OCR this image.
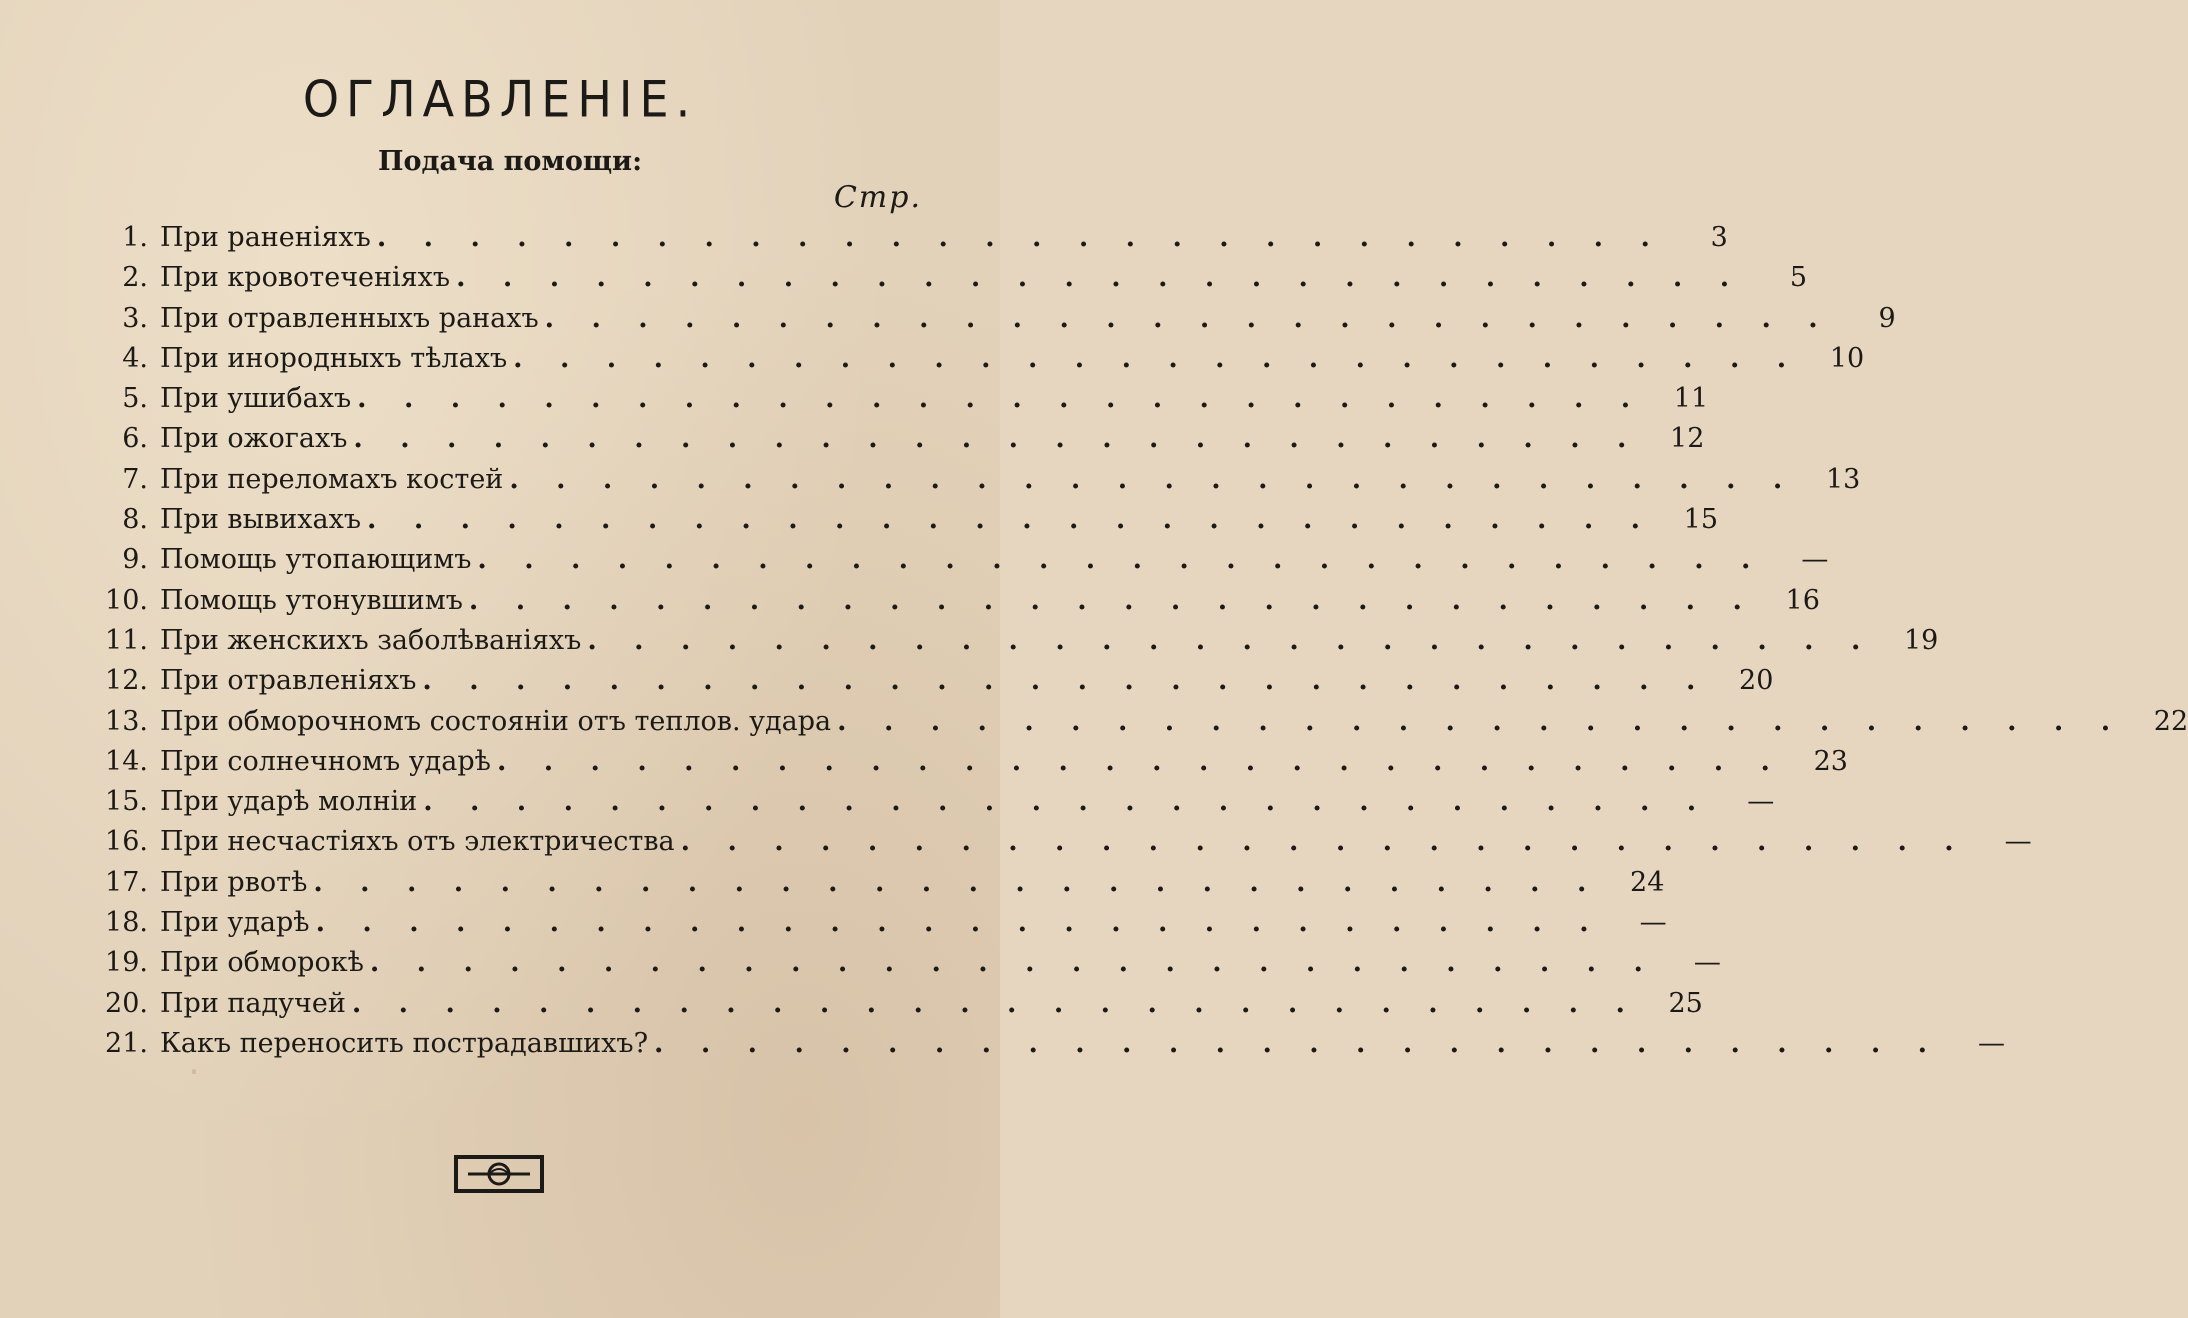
ОГЛАВЛЕНIЕ.
Подача помощи:
Стр.
1. При раненiяхъ . . . . . . . . . . . . . . . . . . . . . . . . . . . .	3
2. При кровотеченiяхъ . . . . . . . . . . . . . . . . . . . . . . . . . . . .	5
3. При отравленныхъ ранахъ . . . . . . . . . . . . . . . . . . . . . . . . . . . .	9
4. При инородныхъ тѣлахъ . . . . . . . . . . . . . . . . . . . . . . . . . . . .	10
5. При ушибахъ . . . . . . . . . . . . . . . . . . . . . . . . . . . .	11
6. При ожогахъ . . . . . . . . . . . . . . . . . . . . . . . . . . . .	12
7. При переломахъ костей . . . . . . . . . . . . . . . . . . . . . . . . . . . .	13
8. При вывихахъ . . . . . . . . . . . . . . . . . . . . . . . . . . . .	15
9. Помощь утопающимъ . . . . . . . . . . . . . . . . . . . . . . . . . . . .	—
10. Помощь утонувшимъ . . . . . . . . . . . . . . . . . . . . . . . . . . . .	16
11. При женскихъ заболѣванiяхъ . . . . . . . . . . . . . . . . . . . . . . . . . . . .	19
12. При отравленiяхъ . . . . . . . . . . . . . . . . . . . . . . . . . . . .	20
13. При обморочномъ состоянiи отъ теплов. удара . . . . . . . . . . . . . . . . . . . . . . . . . . . .	22
14. При солнечномъ ударѣ . . . . . . . . . . . . . . . . . . . . . . . . . . . .	23
15. При ударѣ молнiи . . . . . . . . . . . . . . . . . . . . . . . . . . . .	—
16. При несчастiяхъ отъ электричества . . . . . . . . . . . . . . . . . . . . . . . . . . . .	—
17. При рвотѣ . . . . . . . . . . . . . . . . . . . . . . . . . . . .	24
18. При ударѣ . . . . . . . . . . . . . . . . . . . . . . . . . . . .	—
19. При обморокѣ . . . . . . . . . . . . . . . . . . . . . . . . . . . .	—
20. При падучей . . . . . . . . . . . . . . . . . . . . . . . . . . . .	25
21. Какъ переносить пострадавшихъ? . . . . . . . . . . . . . . . . . . . . . . . . . . . .	—
·
